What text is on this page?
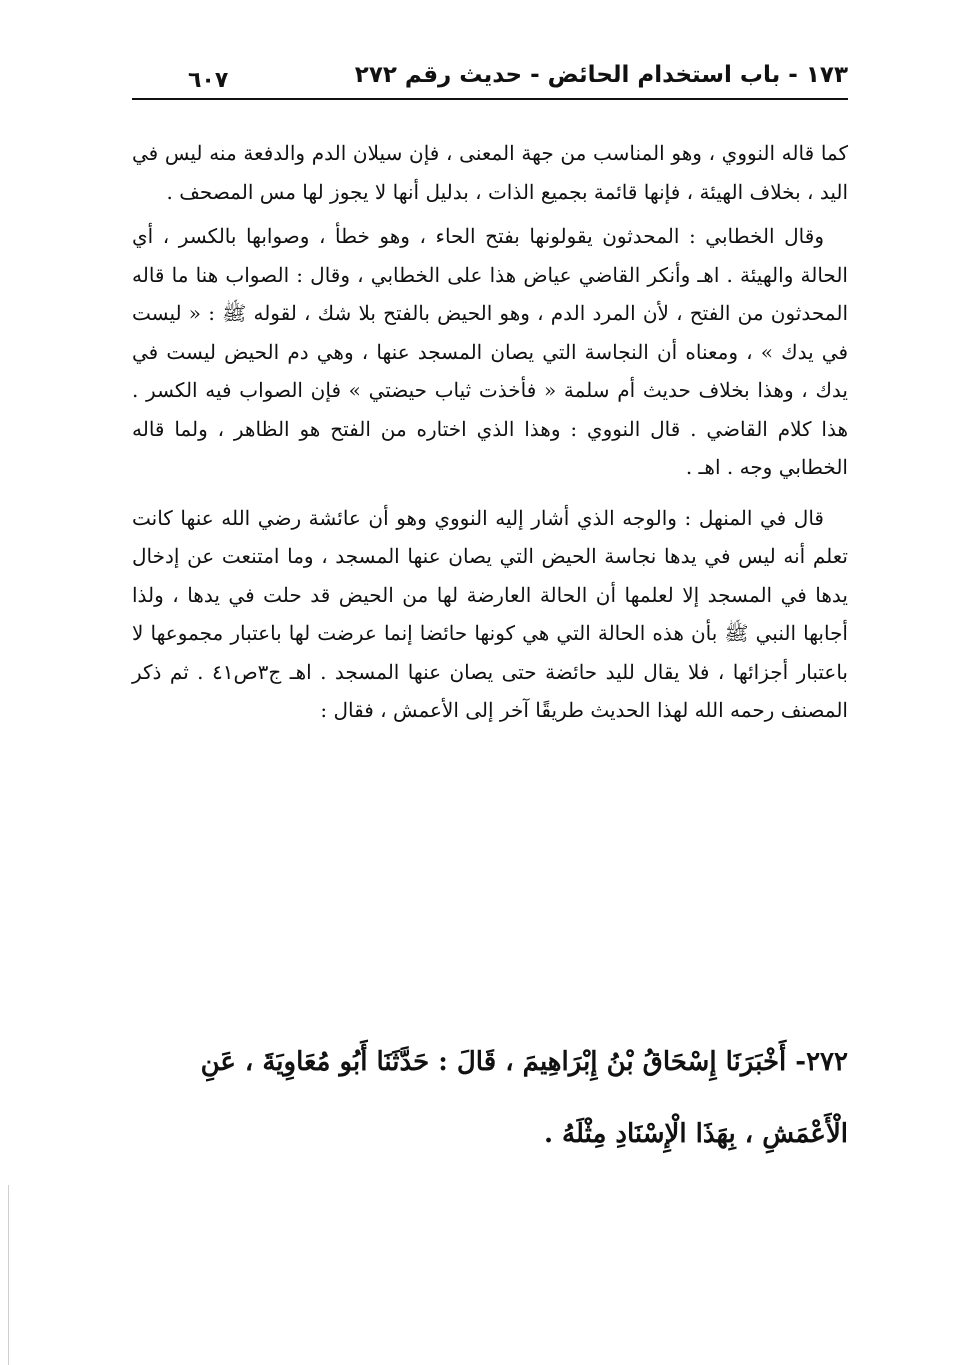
١٧٣ - باب استخدام الحائض - حديث رقم ٢٧٢
٦٠٧

كما قاله النووي ، وهو المناسب من جهة المعنى ، فإن سيلان الدم والدفعة منه ليس في اليد ، بخلاف الهيئة ، فإنها قائمة بجميع الذات ، بدليل أنها لا يجوز لها مس المصحف .

وقال الخطابي : المحدثون يقولونها بفتح الحاء ، وهو خطأ ، وصوابها بالكسر ، أي الحالة والهيئة . اهـ وأنكر القاضي عياض هذا على الخطابي ، وقال : الصواب هنا ما قاله المحدثون من الفتح ، لأن المرد الدم ، وهو الحيض بالفتح بلا شك ، لقوله ﷺ : « ليست في يدك » ، ومعناه أن النجاسة التي يصان المسجد عنها ، وهي دم الحيض ليست في يدك ، وهذا بخلاف حديث أم سلمة « فأخذت ثياب حيضتي » فإن الصواب فيه الكسر . هذا كلام القاضي . قال النووي : وهذا الذي اختاره من الفتح هو الظاهر ، ولما قاله الخطابي وجه . اهـ .

قال في المنهل : والوجه الذي أشار إليه النووي وهو أن عائشة رضي الله عنها كانت تعلم أنه ليس في يدها نجاسة الحيض التي يصان عنها المسجد ، وما امتنعت عن إدخال يدها في المسجد إلا لعلمها أن الحالة العارضة لها من الحيض قد حلت في يدها ، ولذا أجابها النبي ﷺ بأن هذه الحالة التي هي كونها حائضا إنما عرضت لها باعتبار مجموعها لا باعتبار أجزائها ، فلا يقال لليد حائضة حتى يصان عنها المسجد . اهـ ج٣ص٤١ . ثم ذكر المصنف رحمه الله لهذا الحديث طريقًا آخر إلى الأعمش ، فقال :

٢٧٢- أَخْبَرَنَا إِسْحَاقُ بْنُ إِبْرَاهِيمَ ، قَالَ : حَدَّثَنَا أَبُو مُعَاوِيَةَ ، عَنِ
الْأَعْمَشِ ، بِهَذَا الْإِسْنَادِ مِثْلَهُ .
